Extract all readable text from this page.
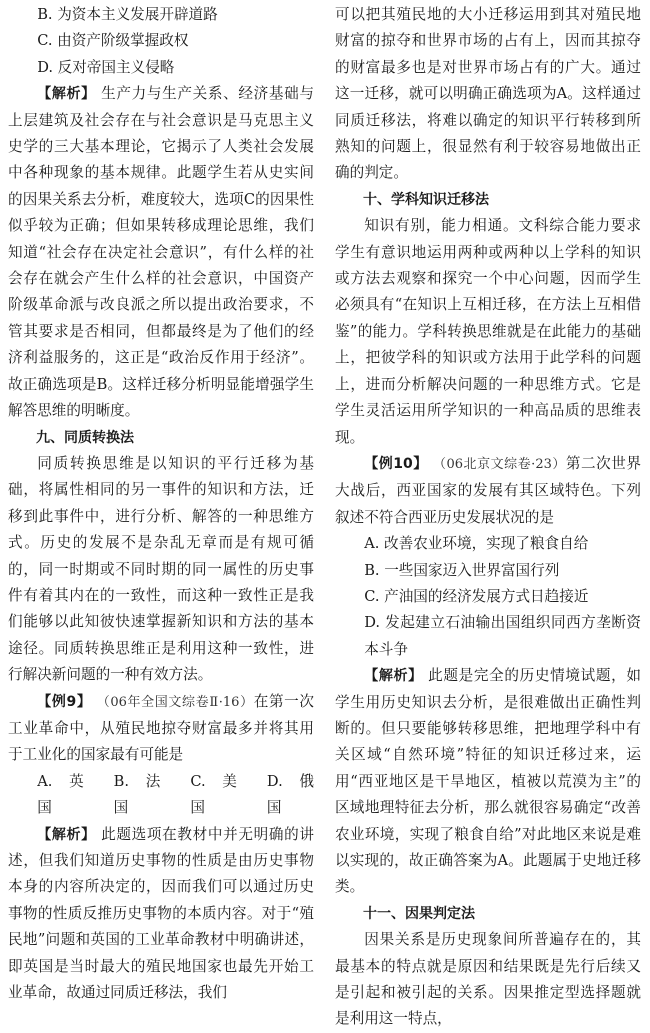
B. 为资本主义发展开辟道路

C. 由资产阶级掌握政权

D. 反对帝国主义侵略

【解析】 生产力与生产关系、经济基础与上层建筑及社会存在与社会意识是马克思主义史学的三大基本理论，它揭示了人类社会发展中各种现象的基本规律。此题学生若从史实间的因果关系去分析，难度较大，选项C的因果性似乎较为正确；但如果转移成理论思维，我们知道“社会存在决定社会意识”，有什么样的社会存在就会产生什么样的社会意识，中国资产阶级革命派与改良派之所以提出政治要求，不管其要求是否相同，但都最终是为了他们的经济利益服务的，这正是“政治反作用于经济”。故正确选项是B。这样迁移分析明显能增强学生解答思维的明晰度。

九、同质转换法

同质转换思维是以知识的平行迁移为基础，将属性相同的另一事件的知识和方法，迁移到此事件中，进行分析、解答的一种思维方式。历史的发展不是杂乱无章而是有规可循的，同一时期或不同时期的同一属性的历史事件有着其内在的一致性，而这种一致性正是我们能够以此知彼快速掌握新知识和方法的基本途径。同质转换思维正是利用这种一致性，进行解决新问题的一种有效方法。

【例9】 （06年全国文综卷Ⅱ·16）在第一次工业革命中，从殖民地掠夺财富最多并将其用于工业化的国家最有可能是

A. 英国
B. 法国
C. 美国
D. 俄国

【解析】 此题选项在教材中并无明确的讲述，但我们知道历史事物的性质是由历史事物本身的内容所决定的，因而我们可以通过历史事物的性质反推历史事物的本质内容。对于“殖民地”问题和英国的工业革命教材中明确讲述，即英国是当时最大的殖民地国家也最先开始工业革命，故通过同质迁移法，我们

可以把其殖民地的大小迁移运用到其对殖民地财富的掠夺和世界市场的占有上，因而其掠夺的财富最多也是对世界市场占有的广大。通过这一迁移，就可以明确正确选项为A。这样通过同质迁移法，将难以确定的知识平行转移到所熟知的问题上，很显然有利于较容易地做出正确的判定。

十、学科知识迁移法

知识有别，能力相通。文科综合能力要求学生有意识地运用两种或两种以上学科的知识或方法去观察和探究一个中心问题，因而学生必须具有“在知识上互相迁移，在方法上互相借鉴”的能力。学科转换思维就是在此能力的基础上，把彼学科的知识或方法用于此学科的问题上，进而分析解决问题的一种思维方式。它是学生灵活运用所学知识的一种高品质的思维表现。

【例10】 （06北京文综卷·23）第二次世界大战后，西亚国家的发展有其区域特色。下列叙述不符合西亚历史发展状况的是

A. 改善农业环境，实现了粮食自给

B. 一些国家迈入世界富国行列

C. 产油国的经济发展方式日趋接近

D. 发起建立石油输出国组织同西方垄断资本斗争

【解析】 此题是完全的历史情境试题，如学生用历史知识去分析，是很难做出正确性判断的。但只要能够转移思维，把地理学科中有关区域“自然环境”特征的知识迁移过来，运用“西亚地区是干旱地区，植被以荒漠为主”的区域地理特征去分析，那么就很容易确定“改善农业环境，实现了粮食自给”对此地区来说是难以实现的，故正确答案为A。此题属于史地迁移类。

十一、因果判定法

因果关系是历史现象间所普遍存在的，其最基本的特点就是原因和结果既是先行后续又是引起和被引起的关系。因果推定型选择题就是利用这一特点，
